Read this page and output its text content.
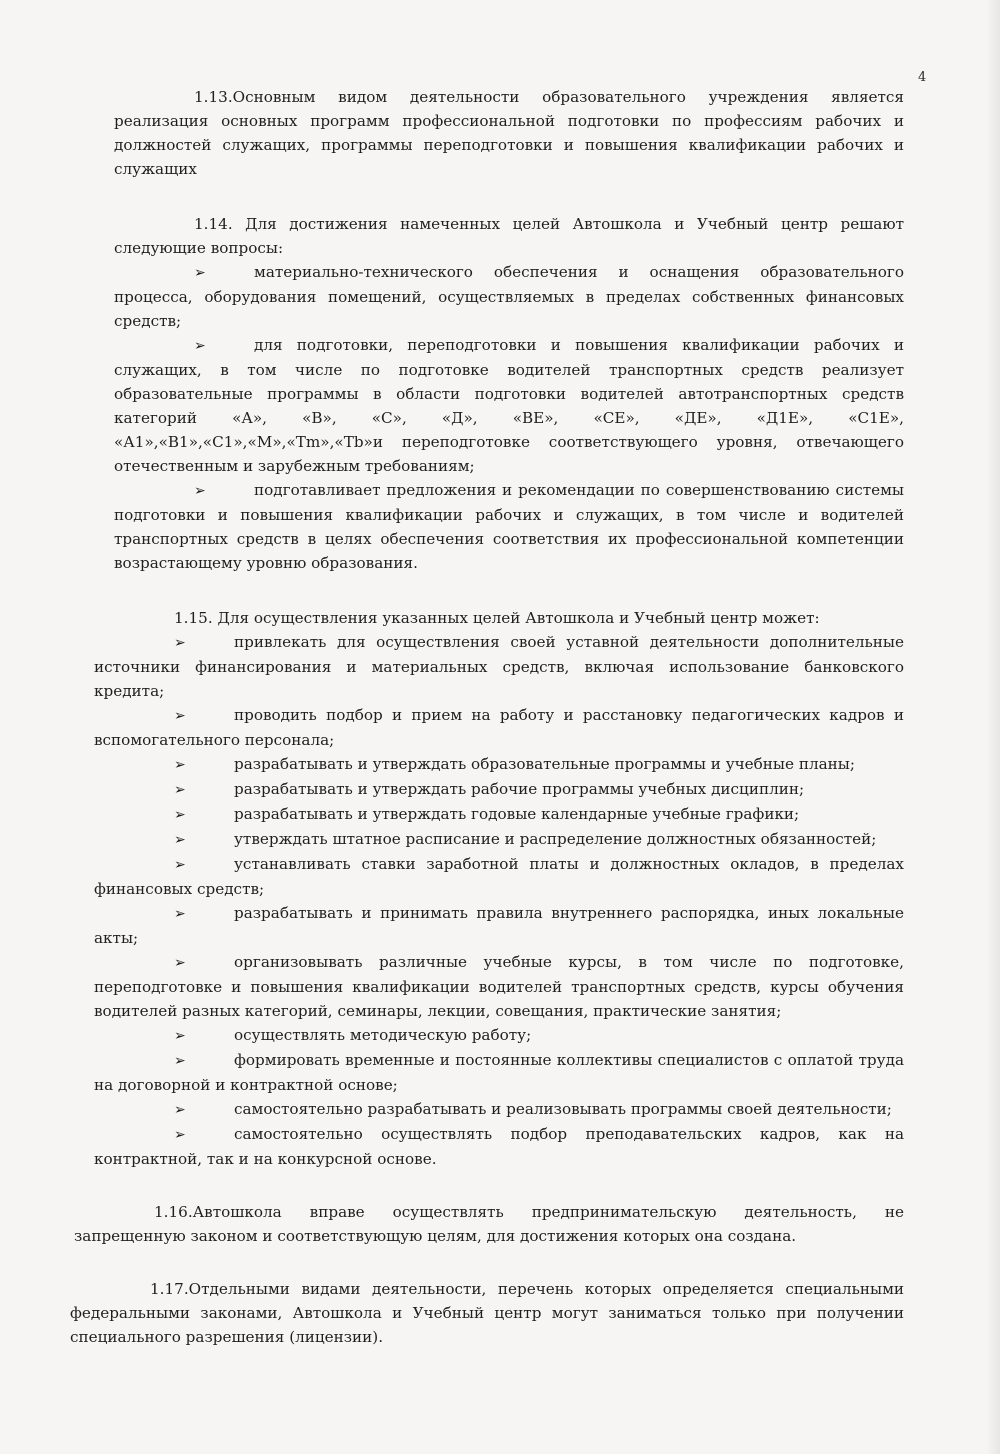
4

1.13.Основным видом деятельности образовательного учреждения является реализация основных программ профессиональной подготовки по профессиям рабочих и должностей служащих, программы переподготовки и повышения квалификации рабочих и служащих

1.14. Для достижения намеченных целей Автошкола и Учебный центр решают следующие вопросы:

➢	материально-технического обеспечения и оснащения образовательного процесса, оборудования помещений, осуществляемых в пределах собственных финансовых средств;
➢	для подготовки, переподготовки и повышения квалификации рабочих и служащих, в том числе по подготовке водителей транспортных средств реализует образовательные программы в области подготовки водителей автотранспортных средств категорий «А», «В», «С», «Д», «ВЕ», «СЕ», «ДЕ», «Д1Е», «С1Е», «А1»,«В1»,«С1»,«М»,«Тm»,«Тb»и переподготовке соответствующего уровня, отвечающего отечественным и зарубежным требованиям;
➢	подготавливает предложения и рекомендации по совершенствованию системы подготовки и повышения квалификации рабочих и служащих, в том числе и водителей транспортных средств в целях обеспечения соответствия их профессиональной компетенции возрастающему уровню образования.

1.15. Для осуществления указанных целей Автошкола и Учебный центр может:

➢	привлекать для осуществления своей уставной деятельности дополнительные источники финансирования и материальных средств, включая использование банковского кредита;
➢	проводить подбор и прием на работу и расстановку педагогических кадров и вспомогательного персонала;
➢	разрабатывать и утверждать образовательные программы и учебные планы;
➢	разрабатывать и утверждать рабочие программы учебных дисциплин;
➢	разрабатывать и утверждать годовые календарные учебные графики;
➢	утверждать штатное расписание и распределение должностных обязанностей;
➢	устанавливать ставки заработной платы и должностных окладов, в пределах финансовых средств;
➢	разрабатывать и принимать правила внутреннего распорядка, иных локальные акты;
➢	организовывать различные учебные курсы, в том числе по подготовке, переподготовке и повышения квалификации водителей транспортных средств, курсы обучения водителей разных категорий, семинары, лекции, совещания, практические занятия;
➢	осуществлять методическую работу;
➢	формировать временные и постоянные коллективы специалистов с оплатой труда на договорной и контрактной основе;
➢	самостоятельно разрабатывать и реализовывать программы своей деятельности;
➢	самостоятельно осуществлять подбор преподавательских кадров, как на контрактной, так и на конкурсной основе.

1.16.Автошкола вправе осуществлять предпринимательскую деятельность, не запрещенную законом и соответствующую целям, для достижения которых она создана.

1.17.Отдельными видами деятельности, перечень которых определяется специальными федеральными законами, Автошкола и Учебный центр могут заниматься только при получении специального разрешения (лицензии).
